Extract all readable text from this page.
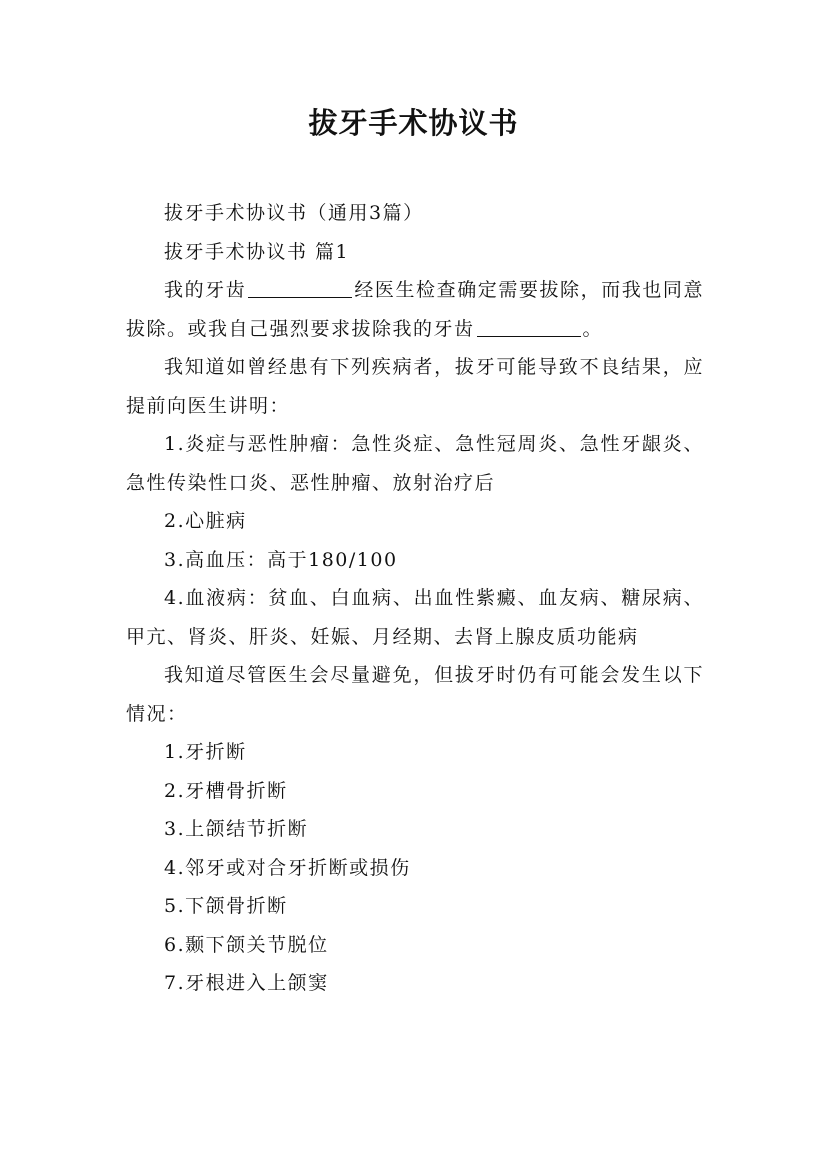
拔牙手术协议书

拔牙手术协议书（通用3篇）

拔牙手术协议书 篇1

我的牙齿	经医生检查确定需要拔除，而我也同意拔除。或我自己强烈要求拔除我的牙齿	。

我知道如曾经患有下列疾病者，拔牙可能导致不良结果，应提前向医生讲明：

1.炎症与恶性肿瘤：急性炎症、急性冠周炎、急性牙龈炎、急性传染性口炎、恶性肿瘤、放射治疗后

2.心脏病

3.高血压：高于180/100

4.血液病：贫血、白血病、出血性紫癜、血友病、糖尿病、甲亢、肾炎、肝炎、妊娠、月经期、去肾上腺皮质功能病

我知道尽管医生会尽量避免，但拔牙时仍有可能会发生以下情况：

1.牙折断

2.牙槽骨折断

3.上颌结节折断

4.邻牙或对合牙折断或损伤

5.下颌骨折断

6.颞下颌关节脱位

7.牙根进入上颌窦
